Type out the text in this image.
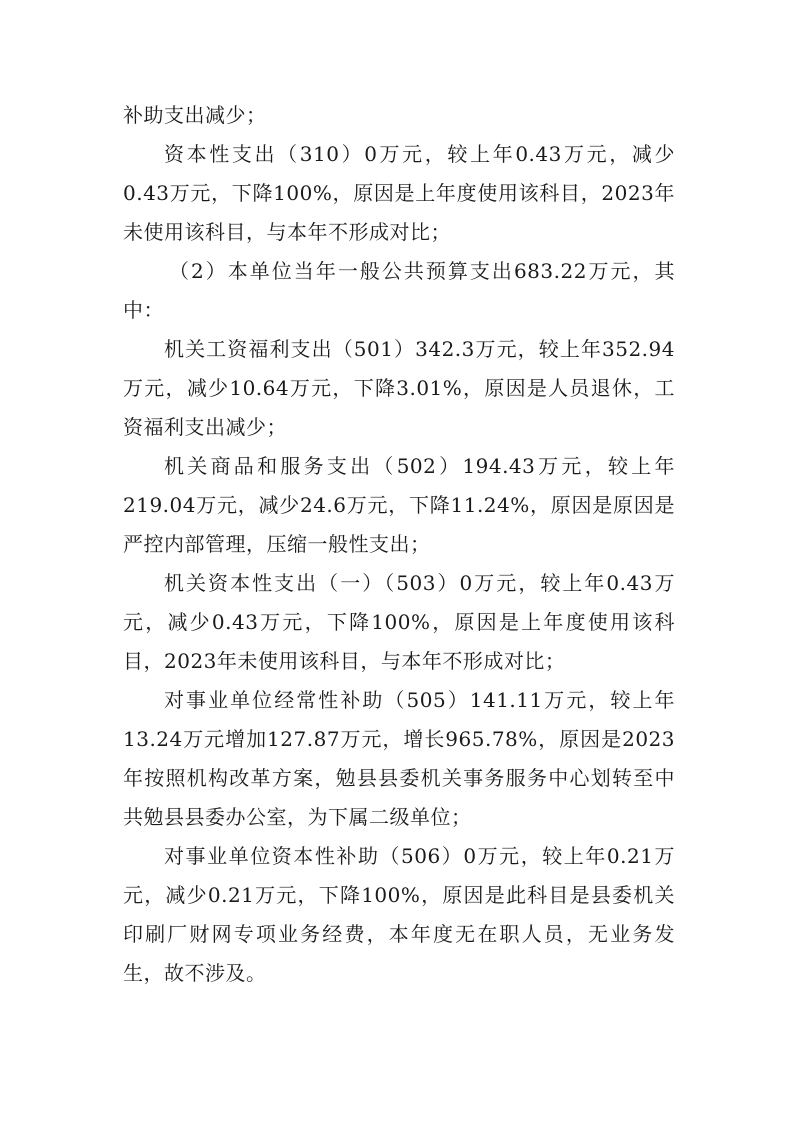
补助支出减少；

资本性支出（310）0万元，较上年0.43万元，减少0.43万元，下降100%，原因是上年度使用该科目，2023年未使用该科目，与本年不形成对比；

（2）本单位当年一般公共预算支出683.22万元，其中：

机关工资福利支出（501）342.3万元，较上年352.94万元，减少10.64万元，下降3.01%，原因是人员退休，工资福利支出减少；

机关商品和服务支出（502）194.43万元，较上年219.04万元，减少24.6万元，下降11.24%，原因是原因是严控内部管理，压缩一般性支出；

机关资本性支出（一）（503）0万元，较上年0.43万元，减少0.43万元，下降100%，原因是上年度使用该科目，2023年未使用该科目，与本年不形成对比；

对事业单位经常性补助（505）141.11万元，较上年13.24万元增加127.87万元，增长965.78%，原因是2023年按照机构改革方案，勉县县委机关事务服务中心划转至中共勉县县委办公室，为下属二级单位；

对事业单位资本性补助（506）0万元，较上年0.21万元，减少0.21万元，下降100%，原因是此科目是县委机关印刷厂财网专项业务经费，本年度无在职人员，无业务发生，故不涉及。
